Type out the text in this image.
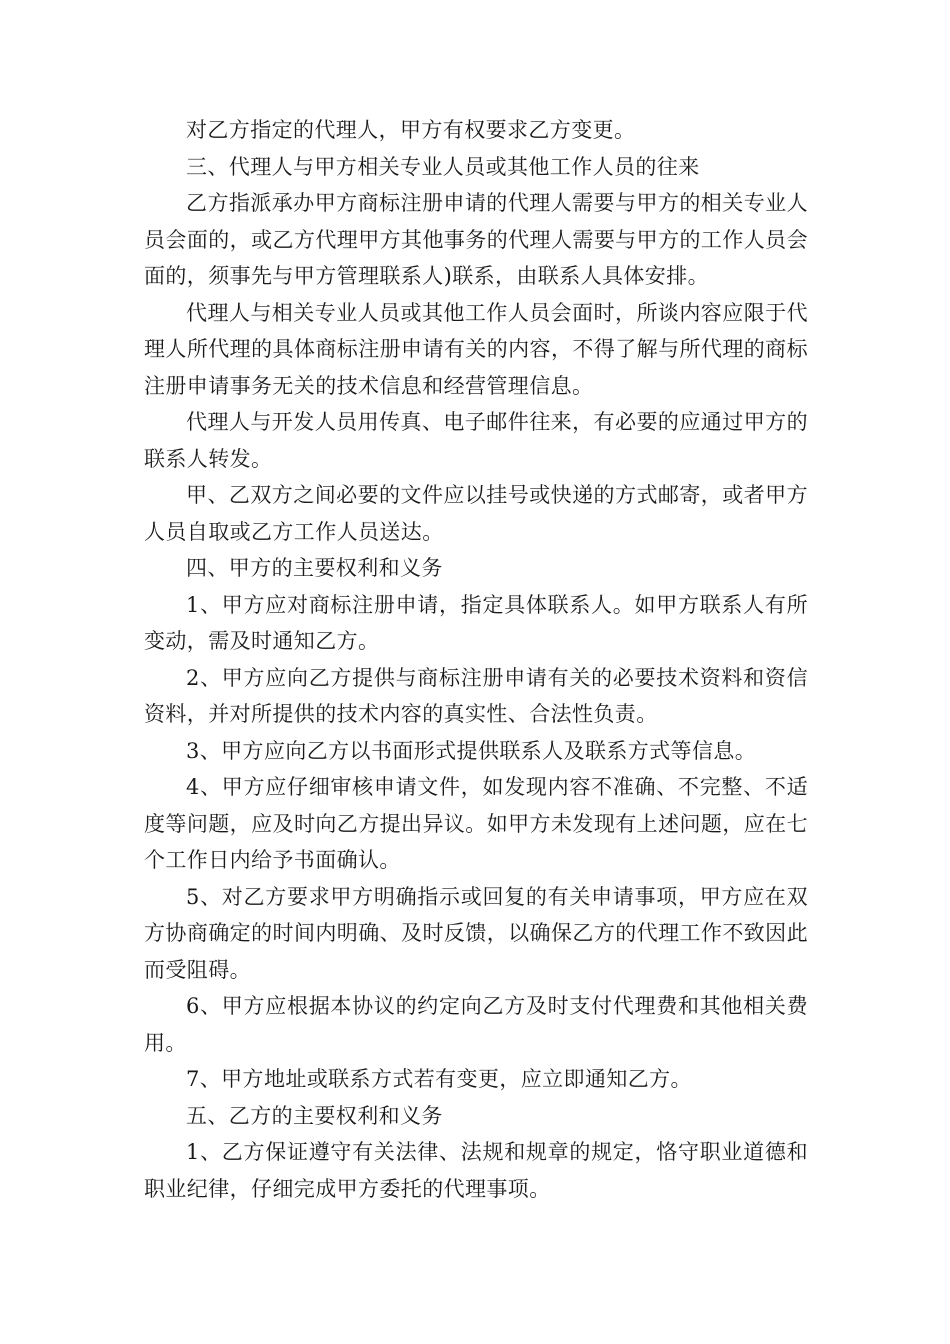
对乙方指定的代理人，甲方有权要求乙方变更。

三、代理人与甲方相关专业人员或其他工作人员的往来

乙方指派承办甲方商标注册申请的代理人需要与甲方的相关专业人员会面的，或乙方代理甲方其他事务的代理人需要与甲方的工作人员会面的，须事先与甲方管理联系人)联系，由联系人具体安排。

代理人与相关专业人员或其他工作人员会面时，所谈内容应限于代理人所代理的具体商标注册申请有关的内容，不得了解与所代理的商标注册申请事务无关的技术信息和经营管理信息。

代理人与开发人员用传真、电子邮件往来，有必要的应通过甲方的联系人转发。

甲、乙双方之间必要的文件应以挂号或快递的方式邮寄，或者甲方人员自取或乙方工作人员送达。

四、甲方的主要权利和义务

1、甲方应对商标注册申请，指定具体联系人。如甲方联系人有所变动，需及时通知乙方。

2、甲方应向乙方提供与商标注册申请有关的必要技术资料和资信资料，并对所提供的技术内容的真实性、合法性负责。

3、甲方应向乙方以书面形式提供联系人及联系方式等信息。

4、甲方应仔细审核申请文件，如发现内容不准确、不完整、不适度等问题，应及时向乙方提出异议。如甲方未发现有上述问题，应在七个工作日内给予书面确认。

5、对乙方要求甲方明确指示或回复的有关申请事项，甲方应在双方协商确定的时间内明确、及时反馈，以确保乙方的代理工作不致因此而受阻碍。

6、甲方应根据本协议的约定向乙方及时支付代理费和其他相关费用。

7、甲方地址或联系方式若有变更，应立即通知乙方。

五、乙方的主要权利和义务

1、乙方保证遵守有关法律、法规和规章的规定，恪守职业道德和职业纪律，仔细完成甲方委托的代理事项。
